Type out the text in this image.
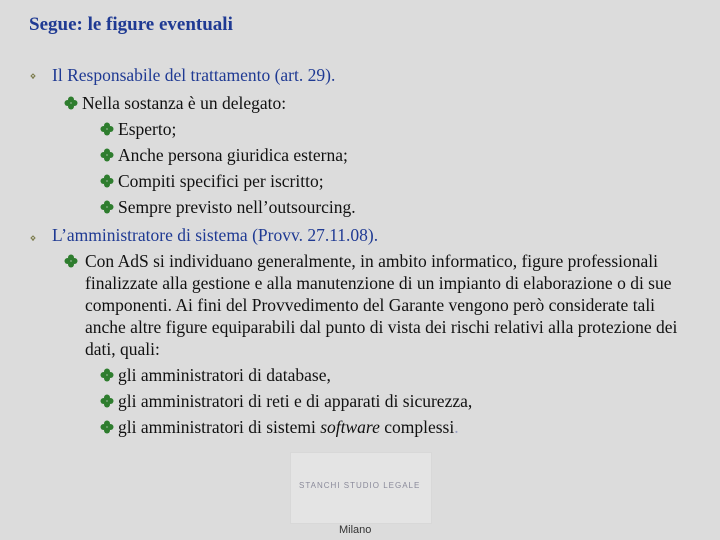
Segue: le figure eventuali
Il Responsabile del trattamento (art. 29).
Nella sostanza è un delegato:
Esperto;
Anche persona giuridica esterna;
Compiti specifici per iscritto;
Sempre previsto nell’outsourcing.
L’amministratore di sistema (Provv. 27.11.08).
Con AdS si individuano generalmente, in ambito informatico, figure professionali finalizzate alla gestione e alla manutenzione di un impianto di elaborazione o di sue componenti. Ai fini del Provvedimento del Garante vengono però considerate tali anche altre figure equiparabili dal punto di vista dei rischi relativi alla protezione dei dati, quali:
gli amministratori di database,
gli amministratori di reti e di apparati di sicurezza,
gli amministratori di sistemi software complessi.
STANCHI STUDIO LEGALE
Milano
